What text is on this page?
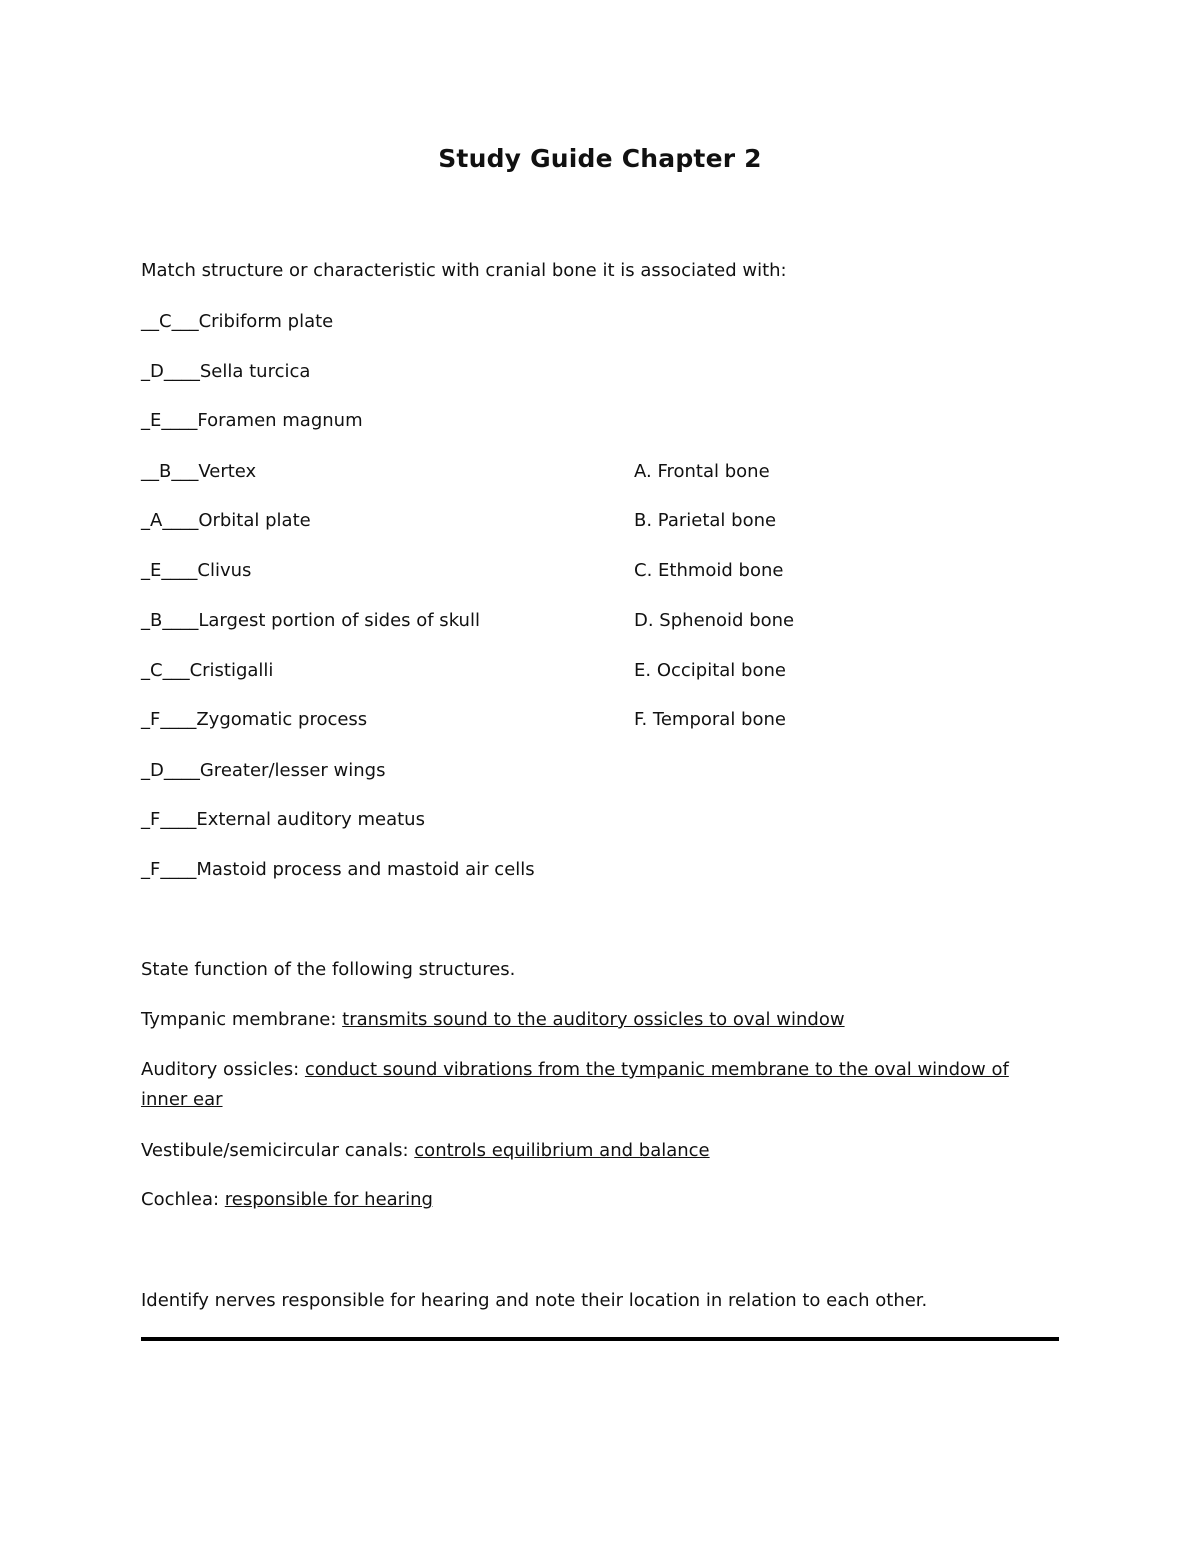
Study Guide Chapter 2
Match structure or characteristic with cranial bone it is associated with:
__C___Cribiform plate
_D____Sella turcica
_E____Foramen magnum
__B___Vertex
_A____Orbital plate
_E____Clivus
_B____Largest portion of sides of skull
_C___Cristigalli
_F____Zygomatic process
_D____Greater/lesser wings
_F____External auditory meatus
_F____Mastoid process and mastoid air cells
A. Frontal bone
B. Parietal bone
C. Ethmoid bone
D. Sphenoid bone
E. Occipital bone
F. Temporal bone
State function of the following structures.
Tympanic membrane: transmits sound to the auditory ossicles to oval window
Auditory ossicles: conduct sound vibrations from the tympanic membrane to the oval window of inner ear
Vestibule/semicircular canals: controls equilibrium and balance
Cochlea: responsible for hearing
Identify nerves responsible for hearing and note their location in relation to each other.
